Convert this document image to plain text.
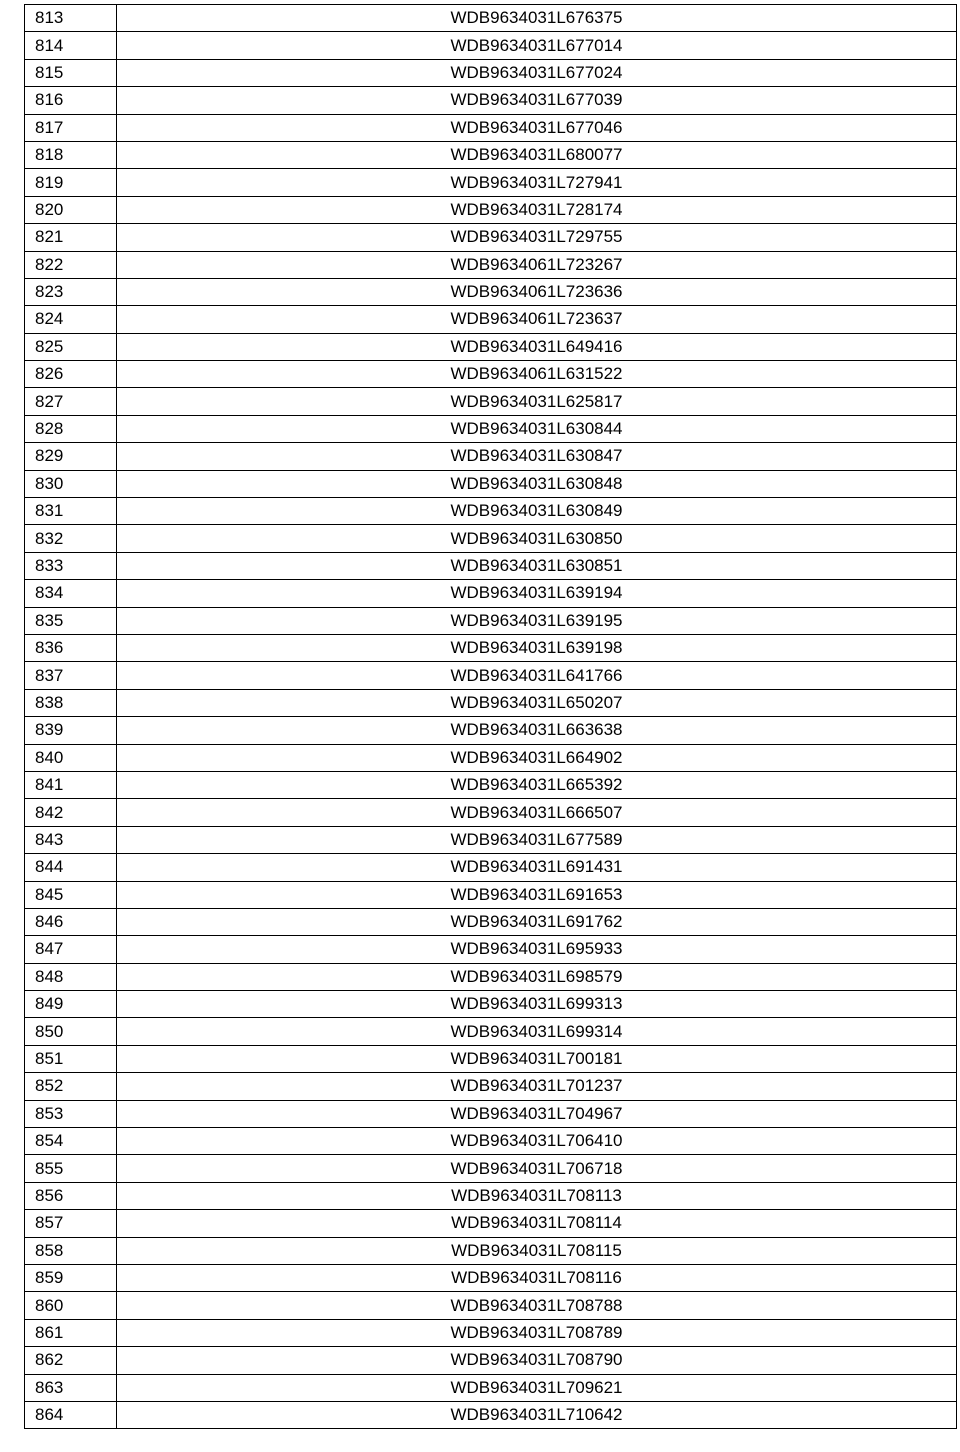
813	WDB9634031L676375
814	WDB9634031L677014
815	WDB9634031L677024
816	WDB9634031L677039
817	WDB9634031L677046
818	WDB9634031L680077
819	WDB9634031L727941
820	WDB9634031L728174
821	WDB9634031L729755
822	WDB9634061L723267
823	WDB9634061L723636
824	WDB9634061L723637
825	WDB9634031L649416
826	WDB9634061L631522
827	WDB9634031L625817
828	WDB9634031L630844
829	WDB9634031L630847
830	WDB9634031L630848
831	WDB9634031L630849
832	WDB9634031L630850
833	WDB9634031L630851
834	WDB9634031L639194
835	WDB9634031L639195
836	WDB9634031L639198
837	WDB9634031L641766
838	WDB9634031L650207
839	WDB9634031L663638
840	WDB9634031L664902
841	WDB9634031L665392
842	WDB9634031L666507
843	WDB9634031L677589
844	WDB9634031L691431
845	WDB9634031L691653
846	WDB9634031L691762
847	WDB9634031L695933
848	WDB9634031L698579
849	WDB9634031L699313
850	WDB9634031L699314
851	WDB9634031L700181
852	WDB9634031L701237
853	WDB9634031L704967
854	WDB9634031L706410
855	WDB9634031L706718
856	WDB9634031L708113
857	WDB9634031L708114
858	WDB9634031L708115
859	WDB9634031L708116
860	WDB9634031L708788
861	WDB9634031L708789
862	WDB9634031L708790
863	WDB9634031L709621
864	WDB9634031L710642
